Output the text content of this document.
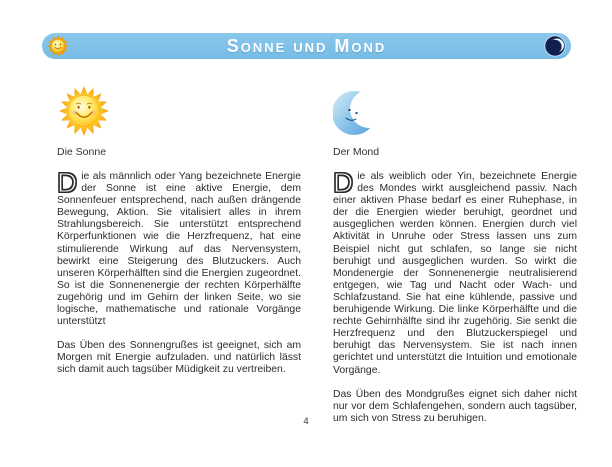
Sonne und Mond
Die Sonne
Die als männlich oder Yang bezeichnete Energie der Sonne ist eine aktive Energie, dem Sonnenfeuer entsprechend, nach außen drängende Bewegung, Aktion. Sie vitalisiert alles in ihrem Strahlungsbereich. Sie unterstützt entsprechend Körperfunktionen wie die Herzfrequenz, hat eine stimulierende Wirkung auf das Nervensystem, bewirkt eine Steigerung des Blutzuckers. Auch unseren Körperhälften sind die Energien zugeordnet. So ist die Sonnenenergie der rechten Körperhälfte zugehörig und im Gehirn der linken Seite, wo sie logische, mathematische und rationale Vorgänge unterstützt
Das Üben des Sonnengrußes ist geeignet, sich am Morgen mit Energie aufzuladen. und natürlich lässt sich damit auch tagsüber Müdigkeit zu vertreiben.
Der Mond
Die als weiblich oder Yin, bezeichnete Energie des Mondes wirkt ausgleichend passiv. Nach einer aktiven Phase bedarf es einer Ruhephase, in der die Energien wieder beruhigt, geordnet und ausgeglichen werden können. Energien durch viel Aktivität in Unruhe oder Stress lassen uns zum Beispiel nicht gut schlafen, so lange sie nicht beruhigt und ausgeglichen wurden. So wirkt die Mondenergie der Sonnenenergie neutralisierend entgegen, wie Tag und Nacht oder Wach- und Schlafzustand. Sie hat eine kühlende, passive und beruhigende Wirkung. Die linke Körperhälfte und die rechte Gehirnhälfte sind ihr zugehörig. Sie senkt die Herzfrequenz und den Blutzuckerspiegel und beruhigt das Nervensystem. Sie ist nach innen gerichtet und unterstützt die Intuition und emotionale Vorgänge.
Das Üben des Mondgrußes eignet sich daher nicht nur vor dem Schlafengehen, sondern auch tagsüber, um sich von Stress zu beruhigen.
4
